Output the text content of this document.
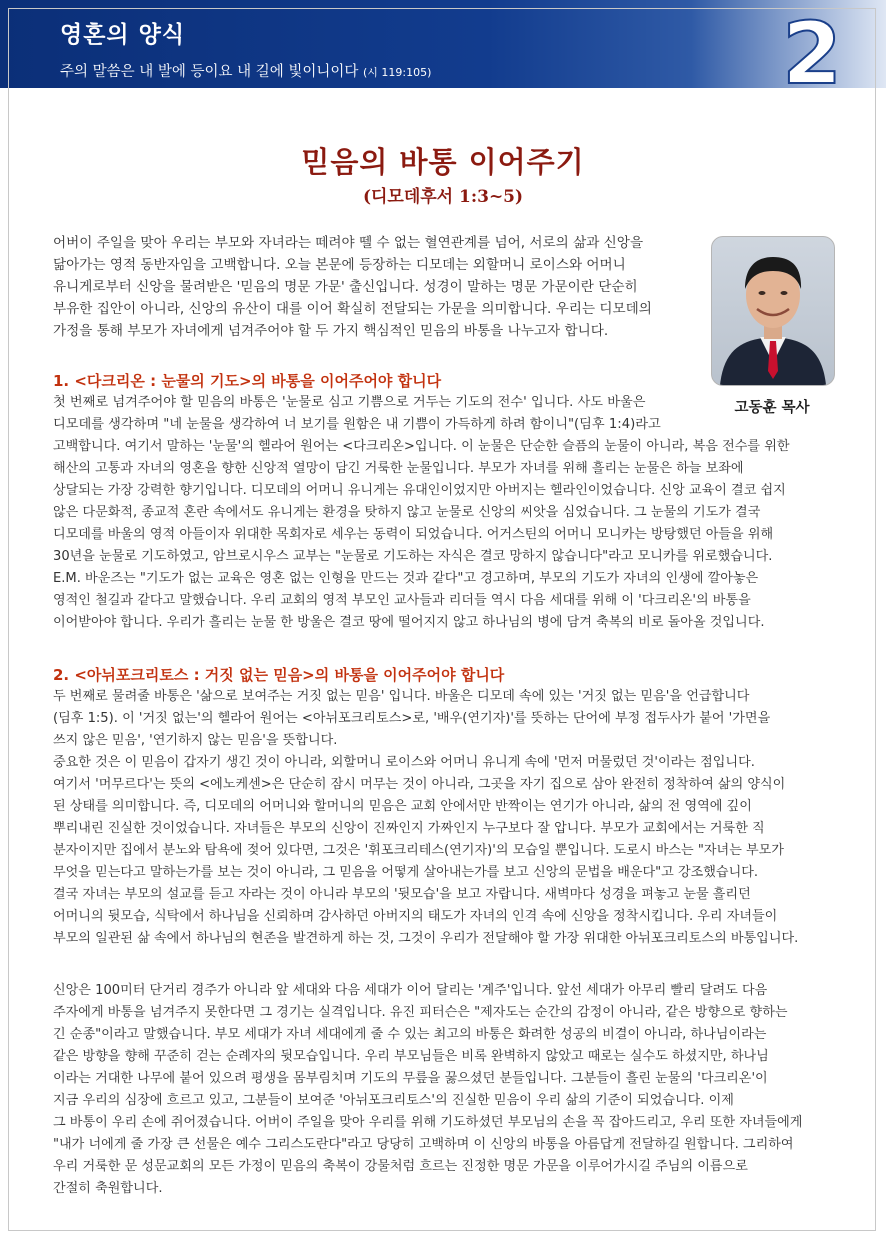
영혼의 양식
주의 말씀은 내 발에 등이요 내 길에 빛이니이다 (시 119:105)	2
믿음의 바통 이어주기
(디모데후서 1:3~5)
고동훈 목사

어버이 주일을 맞아 우리는 부모와 자녀라는 떼려야 뗄 수 없는 혈연관계를 넘어, 서로의 삶과 신앙을

닮아가는 영적 동반자임을 고백합니다. 오늘 본문에 등장하는 디모데는 외할머니 로이스와 어머니

유니게로부터 신앙을 물려받은 '믿음의 명문 가문' 출신입니다. 성경이 말하는 명문 가문이란 단순히

부유한 집안이 아니라, 신앙의 유산이 대를 이어 확실히 전달되는 가문을 의미합니다. 우리는 디모데의

가정을 통해 부모가 자녀에게 넘겨주어야 할 두 가지 핵심적인 믿음의 바통을 나누고자 합니다.

1. <다크리온 : 눈물의 기도>의 바통을 이어주어야 합니다

첫 번째로 넘겨주어야 할 믿음의 바통은 '눈물로 심고 기쁨으로 거두는 기도의 전수' 입니다. 사도 바울은

디모데를 생각하며 "네 눈물을 생각하여 너 보기를 원함은 내 기쁨이 가득하게 하려 함이니"(딤후 1:4)라고

고백합니다. 여기서 말하는 '눈물'의 헬라어 원어는 <다크리온>입니다. 이 눈물은 단순한 슬픔의 눈물이 아니라, 복음 전수를 위한

해산의 고통과 자녀의 영혼을 향한 신앙적 열망이 담긴 거룩한 눈물입니다. 부모가 자녀를 위해 흘리는 눈물은 하늘 보좌에

상달되는 가장 강력한 향기입니다. 디모데의 어머니 유니게는 유대인이었지만 아버지는 헬라인이었습니다. 신앙 교육이 결코 쉽지

않은 다문화적, 종교적 혼란 속에서도 유니게는 환경을 탓하지 않고 눈물로 신앙의 씨앗을 심었습니다. 그 눈물의 기도가 결국

디모데를 바울의 영적 아들이자 위대한 목회자로 세우는 동력이 되었습니다. 어거스틴의 어머니 모니카는 방탕했던 아들을 위해

30년을 눈물로 기도하였고, 암브로시우스 교부는 "눈물로 기도하는 자식은 결코 망하지 않습니다"라고 모니카를 위로했습니다.

E.M. 바운즈는 "기도가 없는 교육은 영혼 없는 인형을 만드는 것과 같다"고 경고하며, 부모의 기도가 자녀의 인생에 깔아놓은

영적인 철길과 같다고 말했습니다. 우리 교회의 영적 부모인 교사들과 리더들 역시 다음 세대를 위해 이 '다크리온'의 바통을

이어받아야 합니다. 우리가 흘리는 눈물 한 방울은 결코 땅에 떨어지지 않고 하나님의 병에 담겨 축복의 비로 돌아올 것입니다.

2. <아뉘포크리토스 : 거짓 없는 믿음>의 바통을 이어주어야 합니다

두 번째로 물려줄 바통은 '삶으로 보여주는 거짓 없는 믿음' 입니다. 바울은 디모데 속에 있는 '거짓 없는 믿음'을 언급합니다

(딤후 1:5). 이 '거짓 없는'의 헬라어 원어는 <아뉘포크리토스>로, '배우(연기자)'를 뜻하는 단어에 부정 접두사가 붙어 '가면을

쓰지 않은 믿음', '연기하지 않는 믿음'을 뜻합니다.

중요한 것은 이 믿음이 갑자기 생긴 것이 아니라, 외할머니 로이스와 어머니 유니게 속에 '먼저 머물렀던 것'이라는 점입니다.

여기서 '머무르다'는 뜻의 <에노케센>은 단순히 잠시 머무는 것이 아니라, 그곳을 자기 집으로 삼아 완전히 정착하여 삶의 양식이

된 상태를 의미합니다. 즉, 디모데의 어머니와 할머니의 믿음은 교회 안에서만 반짝이는 연기가 아니라, 삶의 전 영역에 깊이

뿌리내린 진실한 것이었습니다. 자녀들은 부모의 신앙이 진짜인지 가짜인지 누구보다 잘 압니다. 부모가 교회에서는 거룩한 직

분자이지만 집에서 분노와 탐욕에 젖어 있다면, 그것은 '휘포크리테스(연기자)'의 모습일 뿐입니다. 도로시 바스는 "자녀는 부모가

무엇을 믿는다고 말하는가를 보는 것이 아니라, 그 믿음을 어떻게 살아내는가를 보고 신앙의 문법을 배운다"고 강조했습니다.

결국 자녀는 부모의 설교를 듣고 자라는 것이 아니라 부모의 '뒷모습'을 보고 자랍니다. 새벽마다 성경을 펴놓고 눈물 흘리던

어머니의 뒷모습, 식탁에서 하나님을 신뢰하며 감사하던 아버지의 태도가 자녀의 인격 속에 신앙을 정착시킵니다. 우리 자녀들이

부모의 일관된 삶 속에서 하나님의 현존을 발견하게 하는 것, 그것이 우리가 전달해야 할 가장 위대한 아뉘포크리토스의 바통입니다.

신앙은 100미터 단거리 경주가 아니라 앞 세대와 다음 세대가 이어 달리는 '계주'입니다. 앞선 세대가 아무리 빨리 달려도 다음

주자에게 바통을 넘겨주지 못한다면 그 경기는 실격입니다. 유진 피터슨은 "제자도는 순간의 감정이 아니라, 같은 방향으로 향하는

긴 순종"이라고 말했습니다. 부모 세대가 자녀 세대에게 줄 수 있는 최고의 바통은 화려한 성공의 비결이 아니라, 하나님이라는

같은 방향을 향해 꾸준히 걷는 순례자의 뒷모습입니다. 우리 부모님들은 비록 완벽하지 않았고 때로는 실수도 하셨지만, 하나님

이라는 거대한 나무에 붙어 있으려 평생을 몸부림치며 기도의 무릎을 꿇으셨던 분들입니다. 그분들이 흘린 눈물의 '다크리온'이

지금 우리의 심장에 흐르고 있고, 그분들이 보여준 '아뉘포크리토스'의 진실한 믿음이 우리 삶의 기준이 되었습니다. 이제

그 바통이 우리 손에 쥐어졌습니다. 어버이 주일을 맞아 우리를 위해 기도하셨던 부모님의 손을 꼭 잡아드리고, 우리 또한 자녀들에게

"내가 너에게 줄 가장 큰 선물은 예수 그리스도란다"라고 당당히 고백하며 이 신앙의 바통을 아름답게 전달하길 원합니다. 그리하여

우리 거룩한 문 성문교회의 모든 가정이 믿음의 축복이 강물처럼 흐르는 진정한 명문 가문을 이루어가시길 주님의 이름으로

간절히 축원합니다.
